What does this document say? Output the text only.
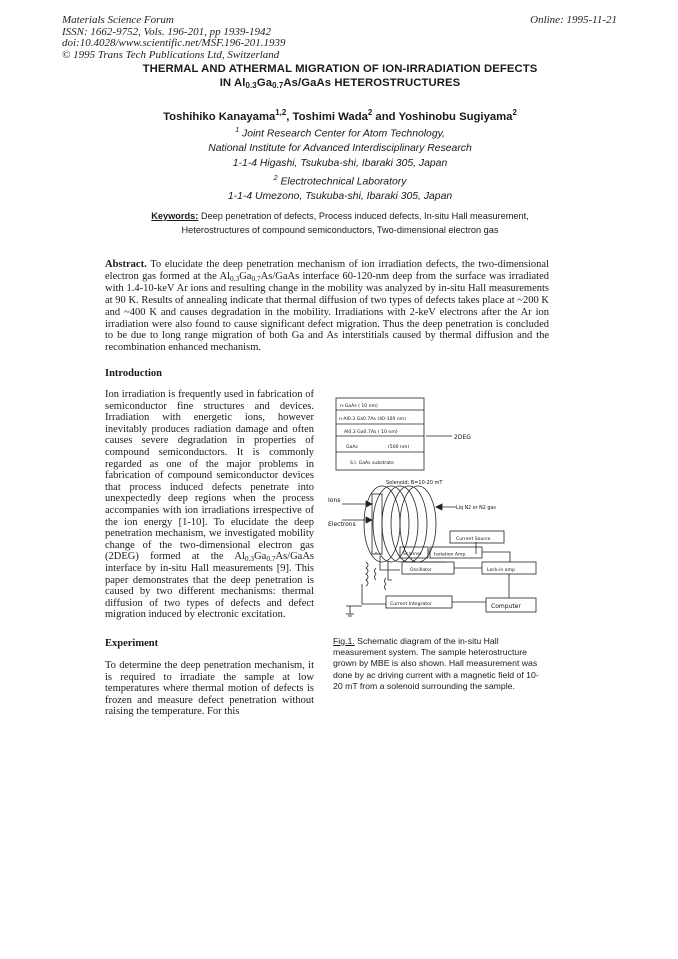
Materials Science Forum
ISSN: 1662-9752, Vols. 196-201, pp 1939-1942
doi:10.4028/www.scientific.net/MSF.196-201.1939
© 1995 Trans Tech Publications Ltd, Switzerland
Online: 1995-11-21
THERMAL AND ATHERMAL MIGRATION OF ION-IRRADIATION DEFECTS
IN $Al_{0.3}Ga_{0.7}As$/GaAs HETEROSTRUCTURES
Toshihiko Kanayama$^{1,2}$, Toshimi Wada$^2$ and Yoshinobu Sugiyama$^2$
$^1$ Joint Research Center for Atom Technology,
National Institute for Advanced Interdisciplinary Research
1-1-4 Higashi, Tsukuba-shi, Ibaraki 305, Japan
$^2$ Electrotechnical Laboratory
1-1-4 Umezono, Tsukuba-shi, Ibaraki 305, Japan
Keywords: Deep penetration of defects, Process induced defects, In-situ Hall measurement,
Heterostructures of compound semiconductors, Two-dimensional electron gas
Abstract. To elucidate the deep penetration mechanism of ion irradiation defects, the two-dimensional electron gas formed at the $Al_{0.3}Ga_{0.7}As$/GaAs interface 60-120-nm deep from the surface was irradiated with 1.4-10-keV Ar ions and resulting change in the mobility was analyzed by in-situ Hall measurements at 90 K. Results of annealing indicate that thermal diffusion of two types of defects takes place at ~200 K and ~400 K and causes degradation in the mobility. Irradiations with 2-keV electrons after the Ar ion irradiation were also found to cause significant defect migration. Thus the deep penetration is concluded to be due to long range migration of both Ga and As interstitials caused by thermal diffusion and the recombination enhanced mechanism.
Introduction
Ion irradiation is frequently used in fabrication of semiconductor fine structures and devices. Irradiation with energetic ions, however inevitably produces radiation damage and often causes severe degradation in properties of compound semiconductors. It is commonly regarded as one of the major problems in fabrication of compound semiconductor devices that process induced defects penetrate into unexpectedly deep regions when the process accompanies with ion irradiations irrespective of the ion energy [1-10]. To elucidate the deep penetration mechanism, we investigated mobility change of the two-dimensional electron gas (2DEG) formed at the $Al_{0.3}Ga_{0.7}As$/GaAs interface by in-situ Hall measurements [9]. This paper demonstrates that the deep penetration is caused by two different mechanisms: thermal diffusion of two types of defects and defect migration induced by electronic excitation.
Experiment
To determine the deep penetration mechanism, it is required to irradiate the sample at low temperatures where thermal motion of defects is frozen and measure defect penetration without raising the temperature. For this
n-GaAs ( 10 nm)
n-Al0.3 Ga0.7As (40-100 nm)
Al0.3 Ga0.7As ( 10 nm)
GaAs	(500 nm)
S.I. GaAs substrate
Scanner	Isolation Amp
Current Source
Oscillator	Lock-in amp
Current Integrator	Computer
Liq N2 or N2 gas
2DEG
Ions
Electrons
Solenoid: B=10-20 mT
Fig.1. Schematic diagram of the in-situ Hall measurement system. The sample heterostructure grown by MBE is also shown. Hall measurement was done by ac driving current with a magnetic field of 10-20 mT from a solenoid surrounding the sample.
